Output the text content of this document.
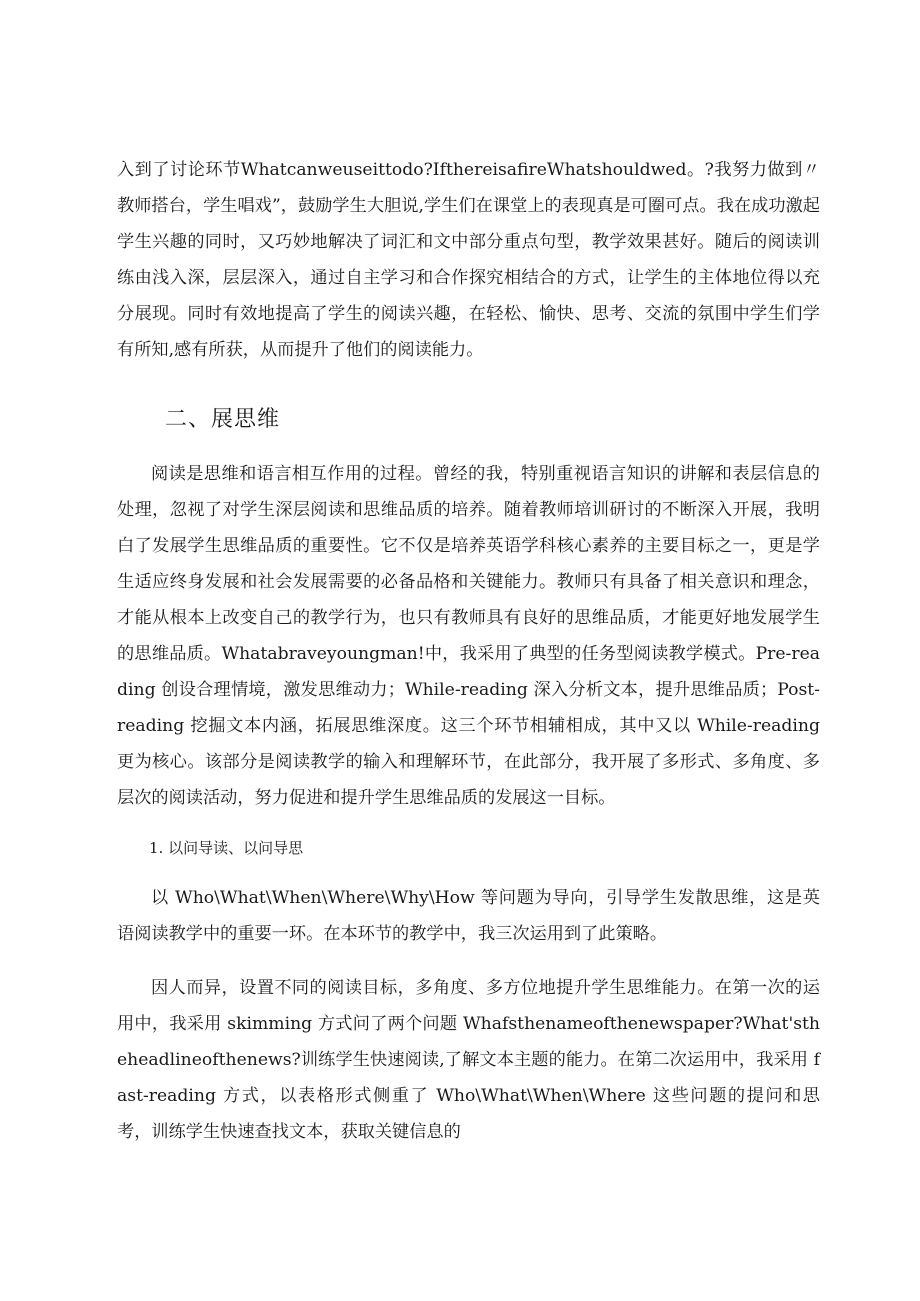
入到了讨论环节Whatcanweuseittodo?IfthereisafireWhatshouldwed。?我努力做到〃教师搭台，学生唱戏”，鼓励学生大胆说,学生们在课堂上的表现真是可圈可点。我在成功激起学生兴趣的同时，又巧妙地解决了词汇和文中部分重点句型，教学效果甚好。随后的阅读训练由浅入深，层层深入，通过自主学习和合作探究相结合的方式，让学生的主体地位得以充分展现。同时有效地提高了学生的阅读兴趣，在轻松、愉快、思考、交流的氛围中学生们学有所知,感有所获，从而提升了他们的阅读能力。

二、展思维

阅读是思维和语言相互作用的过程。曾经的我，特别重视语言知识的讲解和表层信息的处理，忽视了对学生深层阅读和思维品质的培养。随着教师培训研讨的不断深入开展，我明白了发展学生思维品质的重要性。它不仅是培养英语学科核心素养的主要目标之一，更是学生适应终身发展和社会发展需要的必备品格和关键能力。教师只有具备了相关意识和理念，才能从根本上改变自己的教学行为，也只有教师具有良好的思维品质，才能更好地发展学生的思维品质。Whatabraveyoungman!中，我采用了典型的任务型阅读教学模式。Pre-reading 创设合理情境，激发思维动力；While-reading 深入分析文本，提升思维品质；Post-reading 挖掘文本内涵，拓展思维深度。这三个环节相辅相成，其中又以 While-reading 更为核心。该部分是阅读教学的输入和理解环节，在此部分，我开展了多形式、多角度、多层次的阅读活动，努力促进和提升学生思维品质的发展这一目标。

1. 以问导读、以问导思

以 Who\What\When\Where\Why\How 等问题为导向，引导学生发散思维，这是英语阅读教学中的重要一环。在本环节的教学中，我三次运用到了此策略。

因人而异，设置不同的阅读目标，多角度、多方位地提升学生思维能力。在第一次的运用中，我采用 skimming 方式问了两个问题 Whafsthenameofthenewspaper?What'stheheadlineofthenews?训练学生快速阅读,了解文本主题的能力。在第二次运用中，我采用 fast-reading 方式，以表格形式侧重了 Who\What\When\Where 这些问题的提问和思考，训练学生快速查找文本，获取关键信息的
